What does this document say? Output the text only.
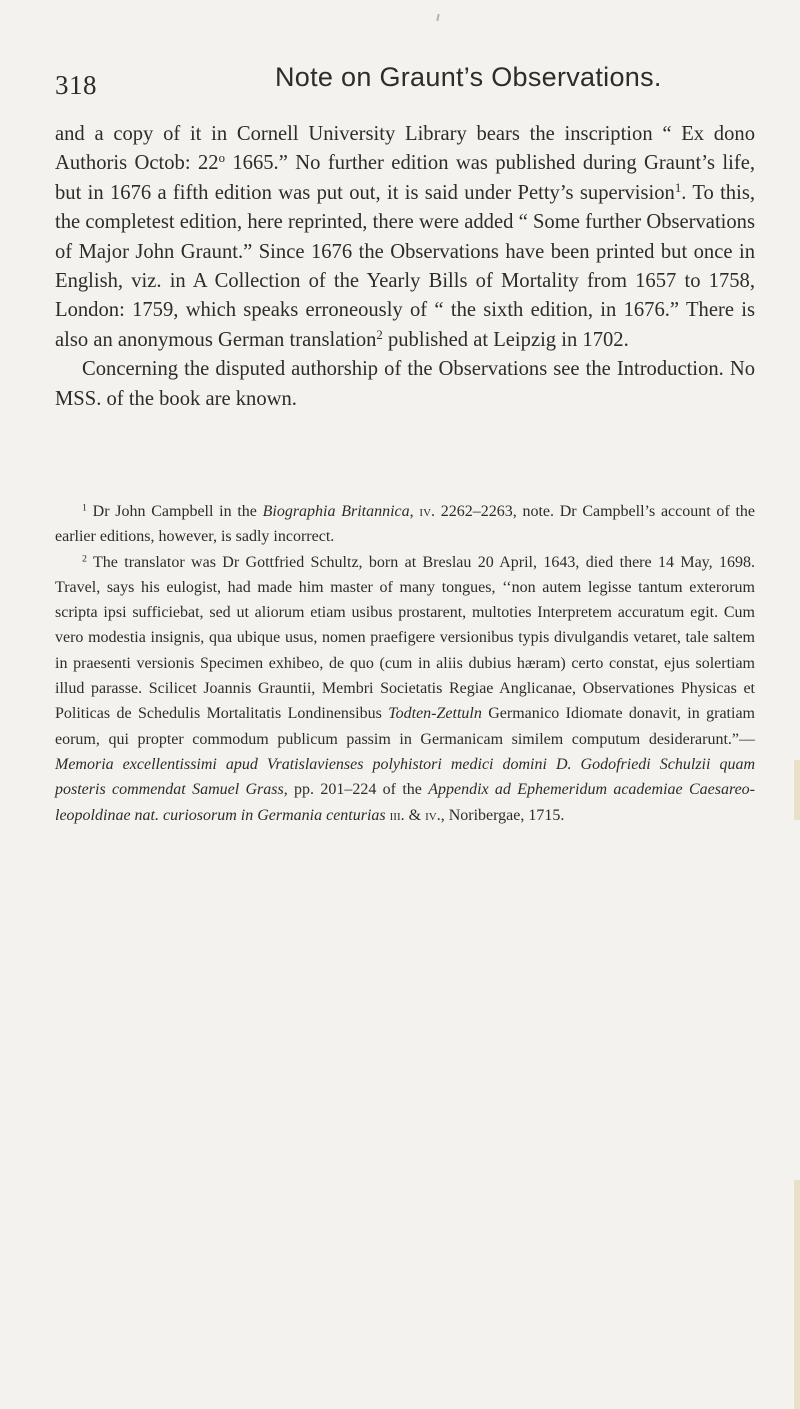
318	Note on Graunt’s Observations.

and a copy of it in Cornell University Library bears the inscription “ Ex dono Authoris Octob: 22$^o$ 1665.” No further edition was published during Graunt’s life, but in 1676 a fifth edition was put out, it is said under Petty’s supervision$^1$. To this, the completest edition, here reprinted, there were added “ Some further Observations of Major John Graunt.” Since 1676 the Observations have been printed but once in English, viz. in A Collection of the Yearly Bills of Mortality from 1657 to 1758, London: 1759, which speaks erroneously of “ the sixth edition, in 1676.” There is also an anonymous German translation$^2$ published at Leipzig in 1702.

Concerning the disputed authorship of the Observations see the Introduction. No MSS. of the book are known.

$^1$ Dr John Campbell in the Biographia Britannica, iv. 2262–2263, note. Dr Campbell’s account of the earlier editions, however, is sadly incorrect.

$^2$ The translator was Dr Gottfried Schultz, born at Breslau 20 April, 1643, died there 14 May, 1698. Travel, says his eulogist, had made him master of many tongues, ‘‘non autem legisse tantum exterorum scripta ipsi sufficiebat, sed ut aliorum etiam usibus prostarent, multoties Interpretem accuratum egit. Cum vero modestia insignis, qua ubique usus, nomen praefigere versionibus typis divulgandis vetaret, tale saltem in praesenti versionis Specimen exhibeo, de quo (cum in aliis dubius hæram) certo constat, ejus solertiam illud parasse. Scilicet Joannis Grauntii, Membri Societatis Regiae Anglicanae, Observationes Physicas et Politicas de Schedulis Mortalitatis Londinensibus Todten-Zettuln Germanico Idiomate donavit, in gratiam eorum, qui propter commodum publicum passim in Germanicam similem computum desiderarunt.”—Memoria excellentissimi apud Vratislavienses polyhistori medici domini D. Godofriedi Schulzii quam posteris commendat Samuel Grass, pp. 201–224 of the Appendix ad Ephemeridum academiae Caesareo-leopoldinae nat. curiosorum in Germania centurias iii. & iv., Noribergae, 1715.
